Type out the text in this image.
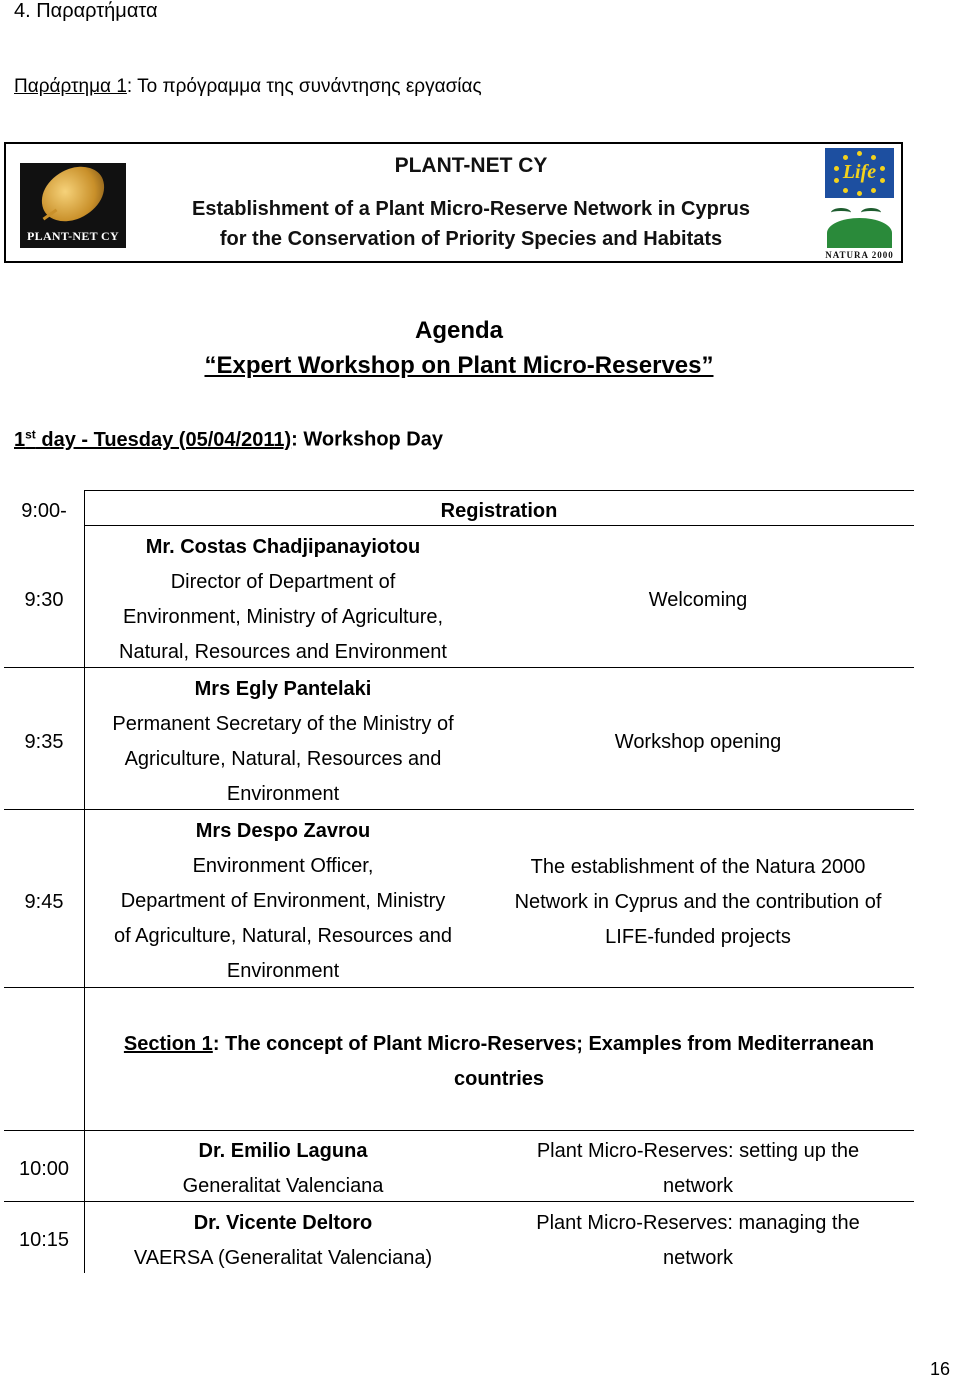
4. Παραρτήματα
Παράρτημα 1: Το πρόγραμμα της συνάντησης εργασίας
PLANT-NET CY
PLANT-NET CY
Establishment of a Plant Micro-Reserve Network in Cyprus
for the Conservation of Priority Species and Habitats
Life
NATURA 2000
Agenda
“Expert Workshop on Plant Micro-Reserves”
1st day - Tuesday (05/04/2011): Workshop Day
9:00-	Registration
9:30
Mr. Costas Chadjipanayiotou
Director of Department of
Environment, Ministry of Agriculture,
Natural, Resources and Environment
Welcoming
9:35
Mrs Egly Pantelaki
Permanent Secretary of the Ministry of
Agriculture, Natural, Resources and
Environment
Workshop opening
9:45
Mrs Despo Zavrou
Environment Officer,
Department of Environment, Ministry
of Agriculture, Natural, Resources and
Environment
The establishment of the Natura 2000
Network in Cyprus and the contribution of
LIFE-funded projects
Section 1: The concept of Plant Micro-Reserves; Examples from Mediterranean
countries
10:00
Dr. Emilio Laguna
Generalitat Valenciana
Plant Micro-Reserves: setting up the
network
10:15
Dr. Vicente Deltoro
VAERSA (Generalitat Valenciana)
Plant Micro-Reserves: managing the
network
16
